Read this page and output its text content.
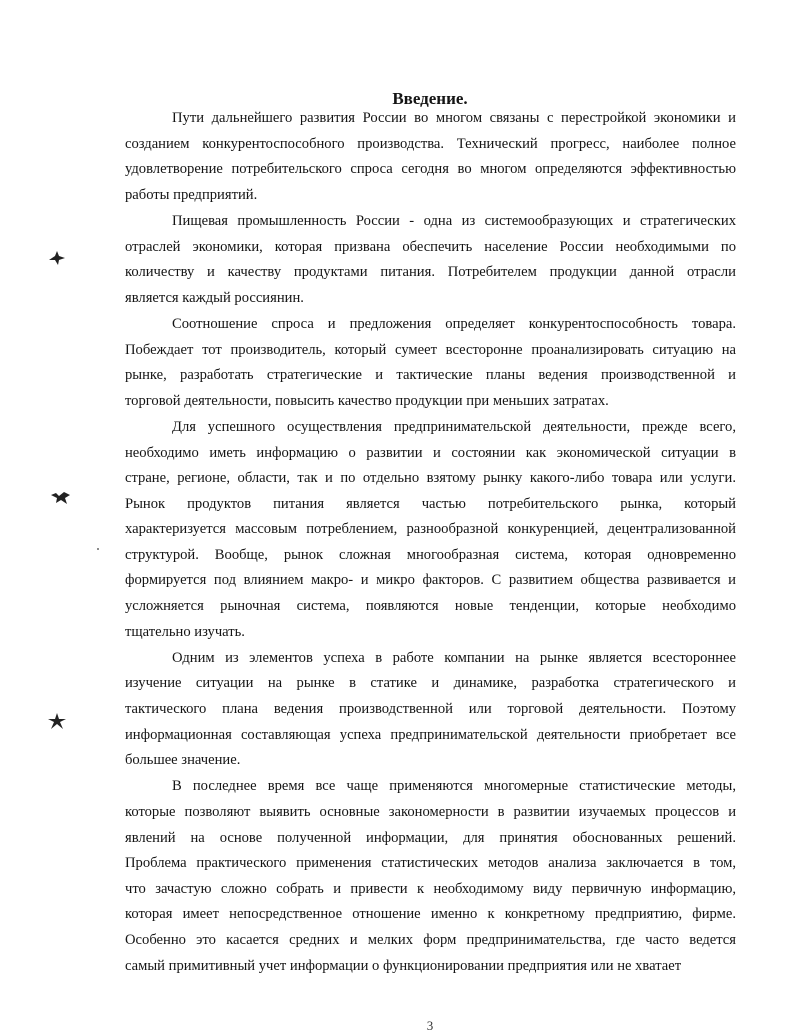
Введение.
Пути дальнейшего развития России во многом связаны с перестройкой экономики и
созданием конкурентоспособного производства. Технический прогресс, наиболее полное
удовлетворение потребительского спроса сегодня во многом определяются эффективностью
работы предприятий.
Пищевая промышленность России - одна из системообразующих и стратегических
отраслей экономики, которая призвана обеспечить население России необходимыми по
количеству и качеству продуктами питания. Потребителем продукции данной отрасли
является каждый россиянин.
Соотношение спроса и предложения определяет конкурентоспособность товара.
Побеждает тот производитель, который сумеет всесторонне проанализировать ситуацию на
рынке, разработать стратегические и тактические планы ведения производственной и
торговой деятельности, повысить качество продукции при меньших затратах.
Для успешного осуществления предпринимательской деятельности, прежде всего,
необходимо иметь информацию о развитии и состоянии как экономической ситуации в
стране, регионе, области, так и по отдельно взятому рынку какого-либо товара или услуги.
Рынок продуктов питания является частью потребительского рынка, который
характеризуется массовым потреблением, разнообразной конкуренцией, децентрализованной
структурой. Вообще, рынок сложная многообразная система, которая одновременно
формируется под влиянием макро- и микро факторов. С развитием общества развивается и
усложняется рыночная система, появляются новые тенденции, которые необходимо
тщательно изучать.
Одним из элементов успеха в работе компании на рынке является всестороннее
изучение ситуации на рынке в статике и динамике, разработка стратегического и
тактического плана ведения производственной или торговой деятельности. Поэтому
информационная составляющая успеха предпринимательской деятельности приобретает все
большее значение.
В последнее время все чаще применяются многомерные статистические методы,
которые позволяют выявить основные закономерности в развитии изучаемых процессов и
явлений на основе полученной информации, для принятия обоснованных решений.
Проблема практического применения статистических методов анализа заключается в том,
что зачастую сложно собрать и привести к необходимому виду первичную информацию,
которая имеет непосредственное отношение именно к конкретному предприятию, фирме.
Особенно это касается средних и мелких форм предпринимательства, где часто ведется
самый примитивный учет информации о функционировании предприятия или не хватает
3
